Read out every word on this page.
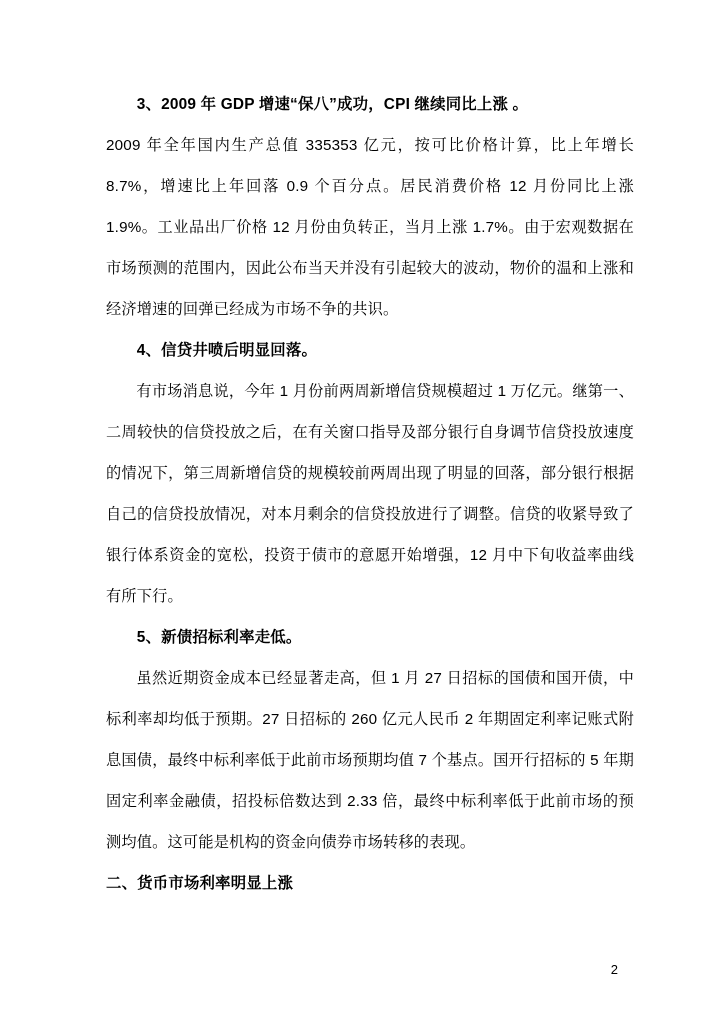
3、2009 年 GDP 增速“保八”成功，CPI 继续同比上涨 。

2009 年全年国内生产总值 335353 亿元，按可比价格计算，比上年增长 8.7%，增速比上年回落 0.9 个百分点。居民消费价格 12 月份同比上涨 1.9%。工业品出厂价格 12 月份由负转正，当月上涨 1.7%。由于宏观数据在市场预测的范围内，因此公布当天并没有引起较大的波动，物价的温和上涨和经济增速的回弹已经成为市场不争的共识。

4、信贷井喷后明显回落。

有市场消息说，今年 1 月份前两周新增信贷规模超过 1 万亿元。继第一、二周较快的信贷投放之后，在有关窗口指导及部分银行自身调节信贷投放速度的情况下，第三周新增信贷的规模较前两周出现了明显的回落，部分银行根据自己的信贷投放情况，对本月剩余的信贷投放进行了调整。信贷的收紧导致了银行体系资金的宽松，投资于债市的意愿开始增强，12 月中下旬收益率曲线有所下行。

5、新债招标利率走低。

虽然近期资金成本已经显著走高，但 1 月 27 日招标的国债和国开债，中标利率却均低于预期。27 日招标的 260 亿元人民币 2 年期固定利率记账式附息国债，最终中标利率低于此前市场预期均值 7 个基点。国开行招标的 5 年期固定利率金融债，招投标倍数达到 2.33 倍，最终中标利率低于此前市场的预测均值。这可能是机构的资金向债券市场转移的表现。

二、货币市场利率明显上涨

2
